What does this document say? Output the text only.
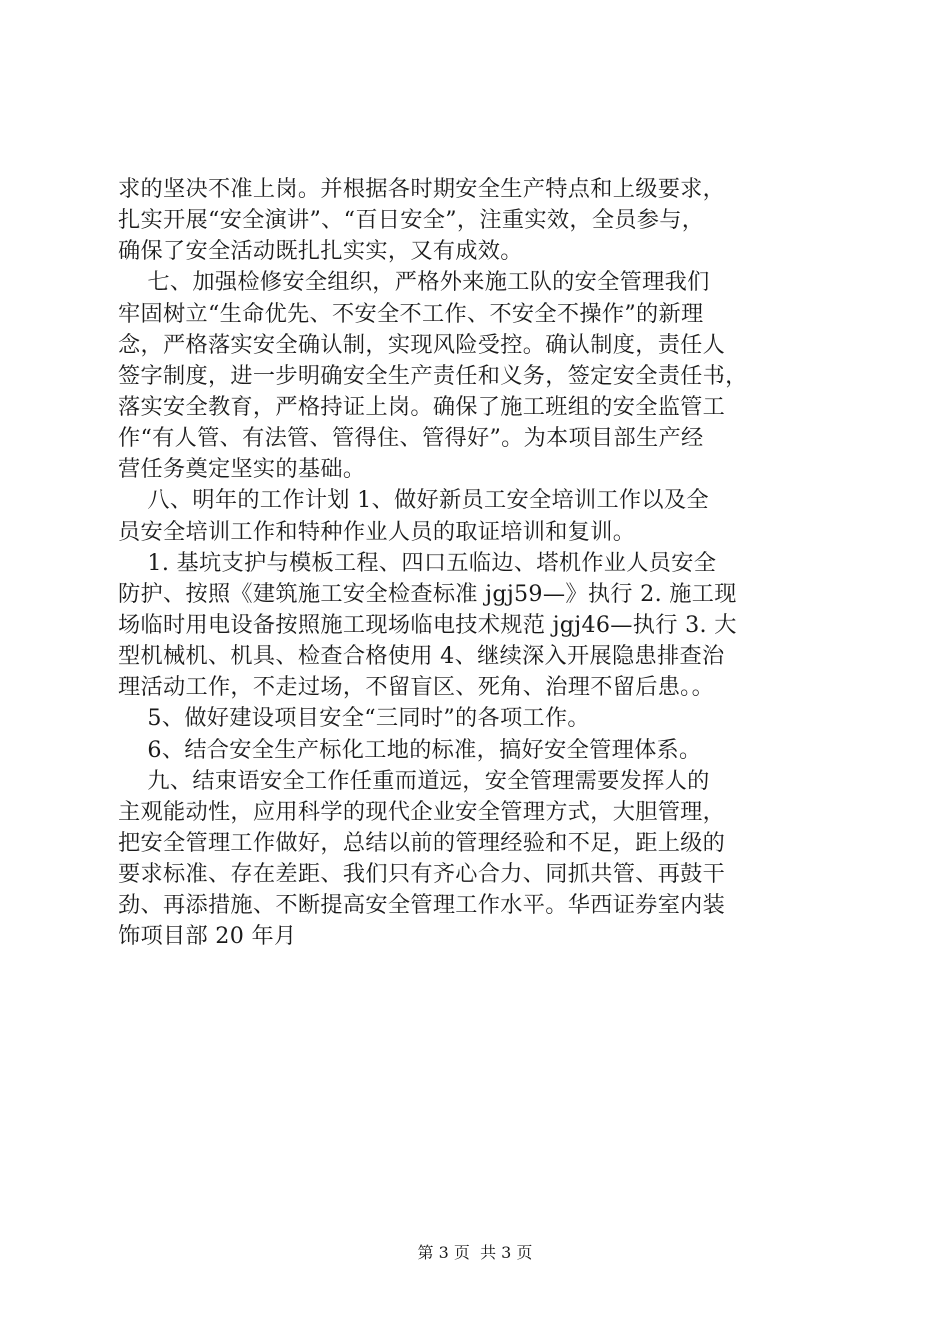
求的坚决不准上岗。并根据各时期安全生产特点和上级要求，
扎实开展“安全演讲”、“百日安全”，注重实效，全员参与，
确保了安全活动既扎扎实实，又有成效。
七、加强检修安全组织，严格外来施工队的安全管理我们
牢固树立“生命优先、不安全不工作、不安全不操作”的新理
念，严格落实安全确认制，实现风险受控。确认制度，责任人
签字制度，进一步明确安全生产责任和义务，签定安全责任书，
落实安全教育，严格持证上岗。确保了施工班组的安全监管工
作“有人管、有法管、管得住、管得好”。为本项目部生产经
营任务奠定坚实的基础。
八、明年的工作计划 1、做好新员工安全培训工作以及全
员安全培训工作和特种作业人员的取证培训和复训。
1. 基坑支护与模板工程、四口五临边、塔机作业人员安全
防护、按照《建筑施工安全检查标准 jgj59—》执行 2. 施工现
场临时用电设备按照施工现场临电技术规范 jgj46—执行 3. 大
型机械机、机具、检查合格使用 4、继续深入开展隐患排查治
理活动工作，不走过场，不留盲区、死角、治理不留后患。。
5、做好建设项目安全“三同时”的各项工作。
6、结合安全生产标化工地的标准，搞好安全管理体系。
九、结束语安全工作任重而道远，安全管理需要发挥人的
主观能动性，应用科学的现代企业安全管理方式，大胆管理，
把安全管理工作做好，总结以前的管理经验和不足，距上级的
要求标准、存在差距、我们只有齐心合力、同抓共管、再鼓干
劲、再添措施、不断提高安全管理工作水平。华西证券室内装
饰项目部 20 年月
第 3 页  共 3 页
